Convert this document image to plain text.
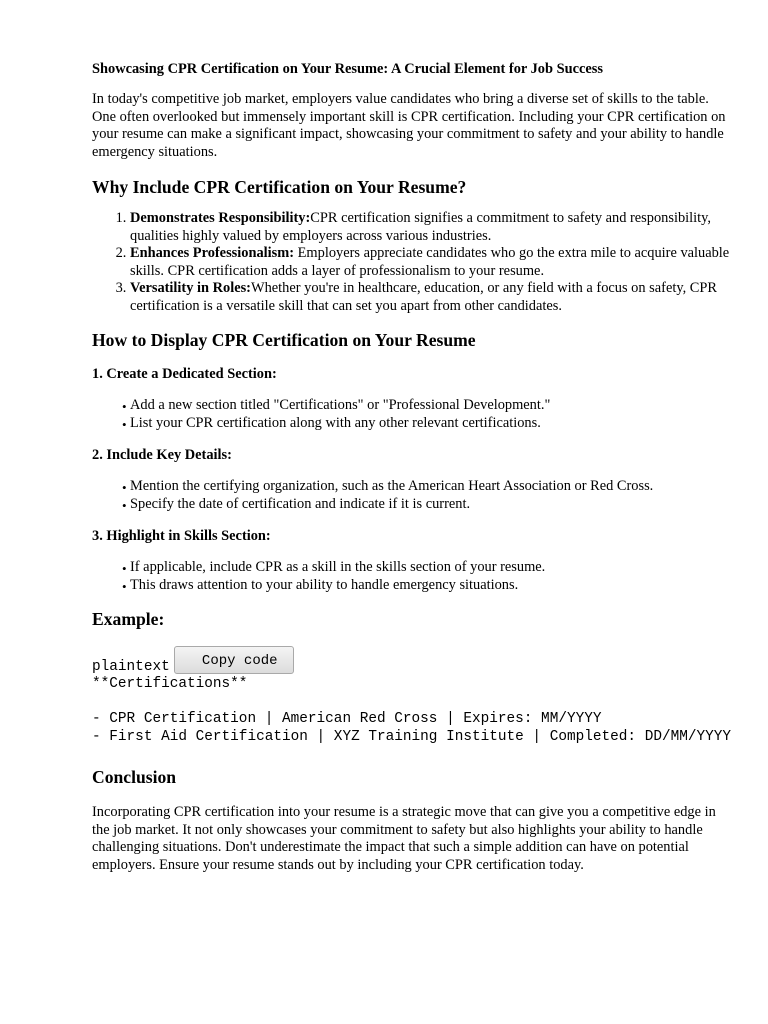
Showcasing CPR Certification on Your Resume: A Crucial Element for Job Success

In today's competitive job market, employers value candidates who bring a diverse set of skills to the table. One often overlooked but immensely important skill is CPR certification. Including your CPR certification on your resume can make a significant impact, showcasing your commitment to safety and your ability to handle emergency situations.

Why Include CPR Certification on Your Resume?
1. Demonstrates Responsibility:CPR certification signifies a commitment to safety and responsibility, qualities highly valued by employers across various industries.
2. Enhances Professionalism: Employers appreciate candidates who go the extra mile to acquire valuable skills. CPR certification adds a layer of professionalism to your resume.
3. Versatility in Roles:Whether you're in healthcare, education, or any field with a focus on safety, CPR certification is a versatile skill that can set you apart from other candidates.
How to Display CPR Certification on Your Resume
1. Create a Dedicated Section:
• Add a new section titled "Certifications" or "Professional Development."
• List your CPR certification along with any other relevant certifications.
2. Include Key Details:
• Mention the certifying organization, such as the American Heart Association or Red Cross.
• Specify the date of certification and indicate if it is current.
3. Highlight in Skills Section:
• If applicable, include CPR as a skill in the skills section of your resume.
• This draws attention to your ability to handle emergency situations.
Example:
plaintext	Copy code
**Certifications**

- CPR Certification | American Red Cross | Expires: MM/YYYY
- First Aid Certification | XYZ Training Institute | Completed: DD/MM/YYYY
Conclusion

Incorporating CPR certification into your resume is a strategic move that can give you a competitive edge in the job market. It not only showcases your commitment to safety but also highlights your ability to handle challenging situations. Don't underestimate the impact that such a simple addition can have on potential employers. Ensure your resume stands out by including your CPR certification today.
